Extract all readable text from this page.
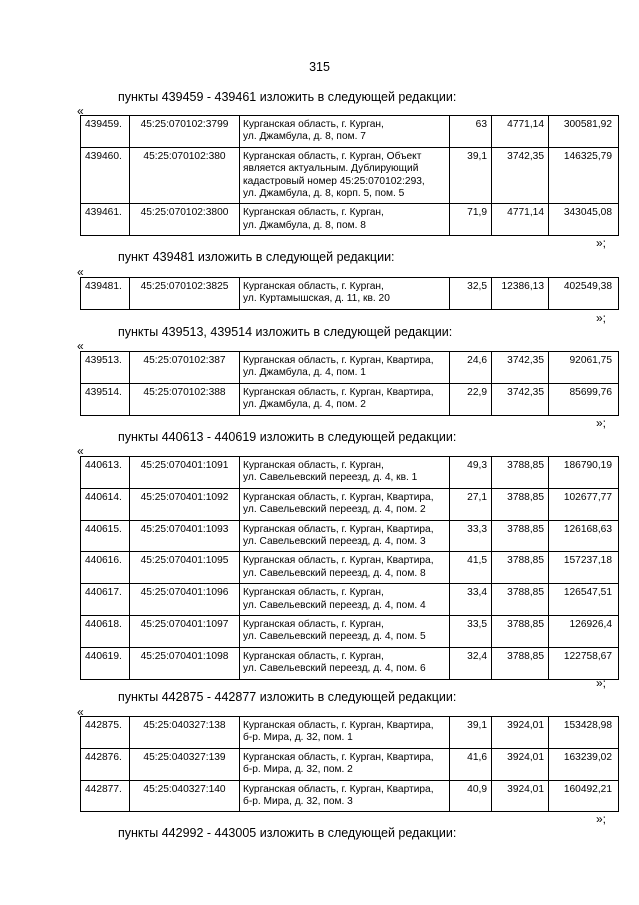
315
пункты 439459 - 439461 изложить в следующей редакции:
«
439459.	45:25:070102:3799	Курганская область, г. Курган,
ул. Джамбула, д. 8, пом. 7	63	4771,14	300581,92
439460.	45:25:070102:380	Курганская область, г. Курган, Объект
является актуальным. Дублирующий
кадастровый номер 45:25:070102:293,
ул. Джамбула, д. 8, корп. 5, пом. 5	39,1	3742,35	146325,79
439461.	45:25:070102:3800	Курганская область, г. Курган,
ул. Джамбула, д. 8, пом. 8	71,9	4771,14	343045,08
»;
пункт 439481 изложить в следующей редакции:
«
439481.	45:25:070102:3825	Курганская область, г. Курган,
ул. Куртамышская, д. 11, кв. 20
	32,5	12386,13	402549,38
»;
пункты 439513, 439514 изложить в следующей редакции:
«
439513.	45:25:070102:387	Курганская область, г. Курган, Квартира,
ул. Джамбула, д. 4, пом. 1	24,6	3742,35	92061,75
439514.	45:25:070102:388	Курганская область, г. Курган, Квартира,
ул. Джамбула, д. 4, пом. 2	22,9	3742,35	85699,76
»;
пункты 440613 - 440619 изложить в следующей редакции:
«
440613.	45:25:070401:1091	Курганская область, г. Курган,
ул. Савельевский переезд, д. 4, кв. 1	49,3	3788,85	186790,19
440614.	45:25:070401:1092	Курганская область, г. Курган, Квартира,
ул. Савельевский переезд, д. 4, пом. 2	27,1	3788,85	102677,77
440615.	45:25:070401:1093	Курганская область, г. Курган, Квартира,
ул. Савельевский переезд, д. 4, пом. 3	33,3	3788,85	126168,63
440616.	45:25:070401:1095	Курганская область, г. Курган, Квартира,
ул. Савельевский переезд, д. 4, пом. 8	41,5	3788,85	157237,18
440617.	45:25:070401:1096	Курганская область, г. Курган,
ул. Савельевский переезд, д. 4, пом. 4	33,4	3788,85	126547,51
440618.	45:25:070401:1097	Курганская область, г. Курган,
ул. Савельевский переезд, д. 4, пом. 5	33,5	3788,85	126926,4
440619.	45:25:070401:1098	Курганская область, г. Курган,
ул. Савельевский переезд, д. 4, пом. 6	32,4	3788,85	122758,67
»;
пункты 442875 - 442877 изложить в следующей редакции:
«
442875.	45:25:040327:138	Курганская область, г. Курган, Квартира,
б-р. Мира, д. 32, пом. 1	39,1	3924,01	153428,98
442876.	45:25:040327:139	Курганская область, г. Курган, Квартира,
б-р. Мира, д. 32, пом. 2	41,6	3924,01	163239,02
442877.	45:25:040327:140	Курганская область, г. Курган, Квартира,
б-р. Мира, д. 32, пом. 3	40,9	3924,01	160492,21
»;
пункты 442992 - 443005 изложить в следующей редакции:
